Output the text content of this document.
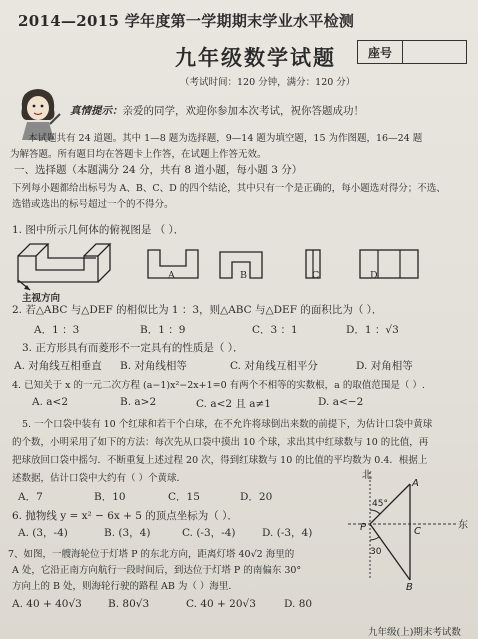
2014—2015 学年度第一学期期末学业水平检测
九年级数学试题	座号
（考试时间：120 分钟，满分：120 分）
真情提示：亲爱的同学，欢迎你参加本次考试，祝你答题成功！
本试题共有 24 道题。其中 1—8 题为选择题，9—14 题为填空题，15 为作图题，16—24 题
为解答题。所有题目均在答题卡上作答，在试题上作答无效。
一、选择题（本题满分 24 分，共有 8 道小题，每小题 3 分）
下列每小题都给出标号为 A、B、C、D 的四个结论，其中只有一个是正确的，每小题选对得分；不选、
选错或选出的标号超过一个的不得分。
1. 图中所示几何体的俯视图是 （ ）．
主视方向
A	B	C	D
2. 若△ABC 与△DEF 的相似比为 1 ：3，则△ABC 与△DEF 的面积比为（ ）．
A．1 ：3	B．1 ：9	C．3 ：1	D．1 ：√3
3. 正方形具有而菱形不一定具有的性质是（ ）．
A. 对角线互相垂直 B. 对角线相等	C. 对角线互相平分	D. 对角相等
4. 已知关于 x 的一元二次方程 (a−1)x²−2x+1=0 有两个不相等的实数根，a 的取值范围是（ ）.
A. a<2	B. a>2	C. a<2 且 a≠1	D. a<−2
5. 一个口袋中装有 10 个红球和若干个白球，在不允许将球倒出来数的前提下，为估计口袋中黄球
的个数，小明采用了如下的方法：每次先从口袋中摸出 10 个球，求出其中红球数与 10 的比值，再
把球放回口袋中摇匀．不断重复上述过程 20 次，得到红球数与 10 的比值的平均数为 0.4．根据上
述数据，估计口袋中大约有（ ）个黄球．
A．7	B．10	C．15	D．20
6. 抛物线 y = x² − 6x + 5 的顶点坐标为（ ）．
A. (3，-4)	B. (3，4)	C. (-3，-4)	D. (-3，4)
7、如图，一艘海轮位于灯塔 P 的东北方向，距离灯塔 40√2 海里的
A 处，它沿正南方向航行一段时间后，到达位于灯塔 P 的南偏东 30°
方向上的 B 处，则海轮行驶的路程 AB 为（ ）海里．
A. 40 + 40√3 B. 80√3	C. 40 + 20√3	D. 80
北
东
45°
30
A
B
C
P
九年级(上)期末考试数
